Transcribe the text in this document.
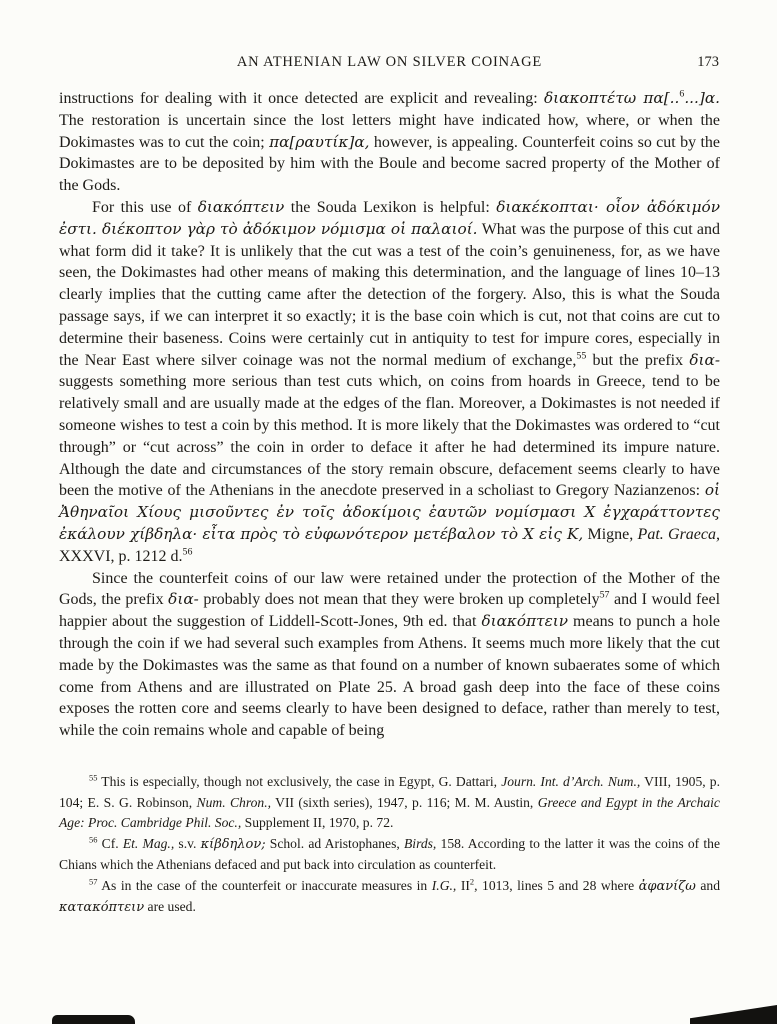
AN ATHENIAN LAW ON SILVER COINAGE	173

instructions for dealing with it once detected are explicit and revealing: διακοπτέτω πα[..$^6$...]α. The restoration is uncertain since the lost letters might have indicated how, where, or when the Dokimastes was to cut the coin; πα[ραυτίκ]α, however, is appealing. Counterfeit coins so cut by the Dokimastes are to be deposited by him with the Boule and become sacred property of the Mother of the Gods.

For this use of διακόπτειν the Souda Lexikon is helpful: διακέκοπται· οἷον ἀδόκιμόν ἐστι. διέκοπτον γὰρ τὸ ἀδόκιμον νόμισμα οἱ παλαιοί. What was the purpose of this cut and what form did it take? It is unlikely that the cut was a test of the coin’s genuineness, for, as we have seen, the Dokimastes had other means of making this determination, and the language of lines 10–13 clearly implies that the cutting came after the detection of the forgery. Also, this is what the Souda passage says, if we can interpret it so exactly; it is the base coin which is cut, not that coins are cut to determine their baseness. Coins were certainly cut in antiquity to test for impure cores, especially in the Near East where silver coinage was not the normal medium of exchange,$^{55}$ but the prefix δια- suggests something more serious than test cuts which, on coins from hoards in Greece, tend to be relatively small and are usually made at the edges of the flan. Moreover, a Dokimastes is not needed if someone wishes to test a coin by this method. It is more likely that the Dokimastes was ordered to “cut through” or “cut across” the coin in order to deface it after he had determined its impure nature. Although the date and circumstances of the story remain obscure, defacement seems clearly to have been the motive of the Athenians in the anecdote preserved in a scholiast to Gregory Nazianzenos: οἱ Ἀθηναῖοι Χίους μισοῦντες ἐν τοῖς ἀδοκίμοις ἑαυτῶν νομίσμασι Χ ἐγχαράττοντες ἐκάλουν χίβδηλα· εἶτα πρὸς τὸ εὐφωνότερον μετέβαλον τὸ Χ εἰς Κ, Migne, Pat. Graeca, XXXVI, p. 1212 d.$^{56}$

Since the counterfeit coins of our law were retained under the protection of the Mother of the Gods, the prefix δια- probably does not mean that they were broken up completely$^{57}$ and I would feel happier about the suggestion of Liddell-Scott-Jones, 9th ed. that διακόπτειν means to punch a hole through the coin if we had several such examples from Athens. It seems much more likely that the cut made by the Dokimastes was the same as that found on a number of known subaerates some of which come from Athens and are illustrated on Plate 25. A broad gash deep into the face of these coins exposes the rotten core and seems clearly to have been designed to deface, rather than merely to test, while the coin remains whole and capable of being

$^{55}$ This is especially, though not exclusively, the case in Egypt, G. Dattari, Journ. Int. d’Arch. Num., VIII, 1905, p. 104; E. S. G. Robinson, Num. Chron., VII (sixth series), 1947, p. 116; M. M. Austin, Greece and Egypt in the Archaic Age: Proc. Cambridge Phil. Soc., Supplement II, 1970, p. 72.

$^{56}$ Cf. Et. Mag., s.v. κίβδηλον; Schol. ad Aristophanes, Birds, 158. According to the latter it was the coins of the Chians which the Athenians defaced and put back into circulation as counterfeit.

$^{57}$ As in the case of the counterfeit or inaccurate measures in I.G., $II^2$, 1013, lines 5 and 28 where ἀφανίζω and κατακόπτειν are used.
